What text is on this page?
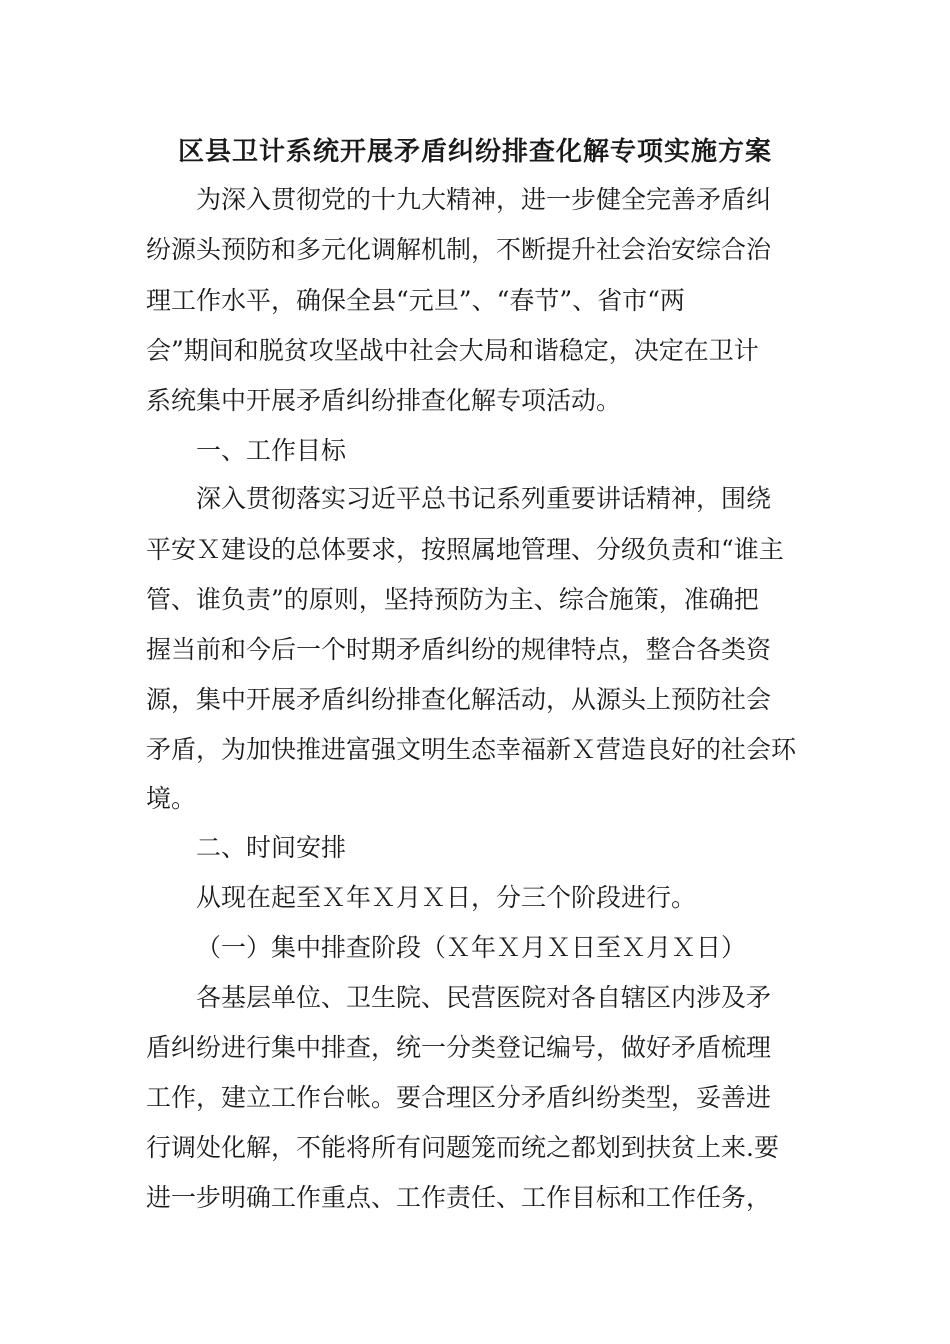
区县卫计系统开展矛盾纠纷排查化解专项实施方案

为深入贯彻党的十九大精神，进一步健全完善矛盾纠

纷源头预防和多元化调解机制，不断提升社会治安综合治

理工作水平，确保全县“元旦”、“春节”、省市“两

会”期间和脱贫攻坚战中社会大局和谐稳定，决定在卫计

系统集中开展矛盾纠纷排查化解专项活动。

一、工作目标

深入贯彻落实习近平总书记系列重要讲话精神，围绕

平安Ｘ建设的总体要求，按照属地管理、分级负责和“谁主

管、谁负责”的原则，坚持预防为主、综合施策，准确把

握当前和今后一个时期矛盾纠纷的规律特点，整合各类资

源，集中开展矛盾纠纷排查化解活动，从源头上预防社会

矛盾，为加快推进富强文明生态幸福新Ｘ营造良好的社会环

境。

二、时间安排

从现在起至Ｘ年Ｘ月Ｘ日，分三个阶段进行。

（一）集中排查阶段（Ｘ年Ｘ月Ｘ日至Ｘ月Ｘ日）

各基层单位、卫生院、民营医院对各自辖区内涉及矛

盾纠纷进行集中排查，统一分类登记编号，做好矛盾梳理

工作，建立工作台帐。要合理区分矛盾纠纷类型，妥善进

行调处化解，不能将所有问题笼而统之都划到扶贫上来.要

进一步明确工作重点、工作责任、工作目标和工作任务，
